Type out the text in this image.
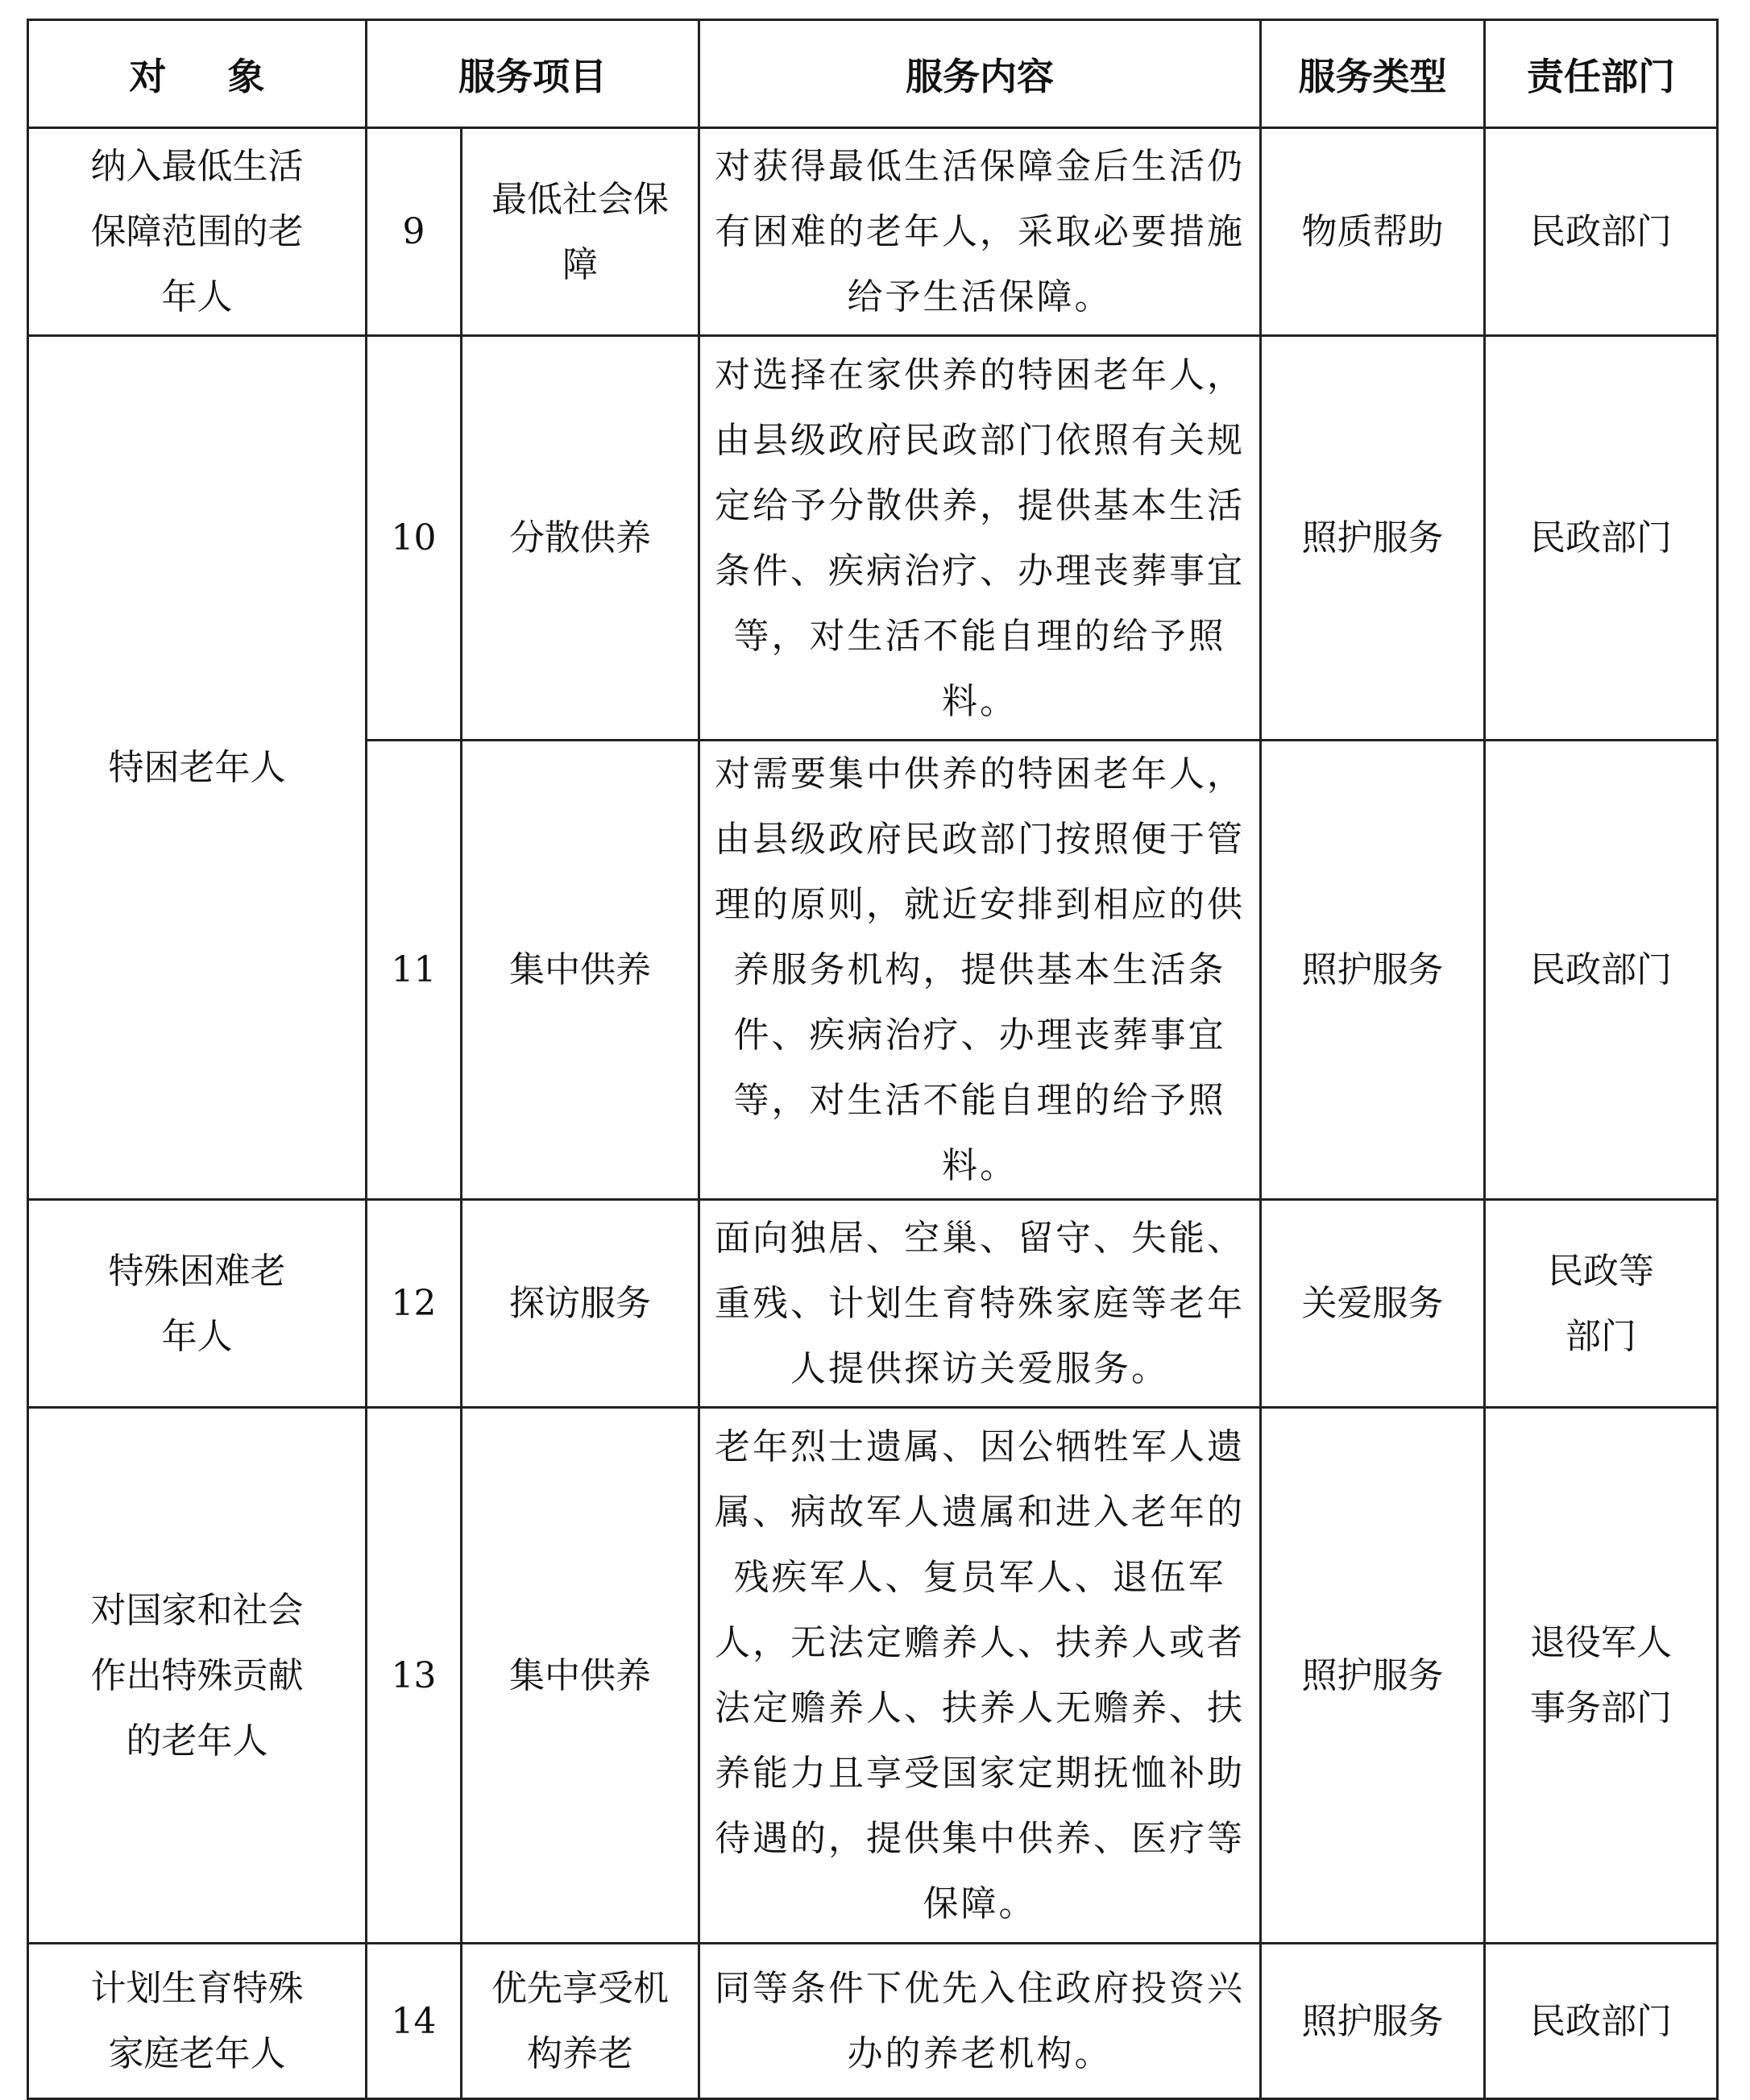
对 象	服务项目		服务内容	服务类型	责任部门
纳入最低生活保障范围的老年人	9	最低社会保障	对获得最低生活保障金后生活仍有困难的老年人，采取必要措施给予生活保障。	物质帮助	民政部门
特困老年人	10	分散供养	对选择在家供养的特困老年人，由县级政府民政部门依照有关规定给予分散供养，提供基本生活条件、疾病治疗、办理丧葬事宜等，对生活不能自理的给予照料。	照护服务	民政部门
	11	集中供养	对需要集中供养的特困老年人，由县级政府民政部门按照便于管理的原则，就近安排到相应的供养服务机构，提供基本生活条件、疾病治疗、办理丧葬事宜等，对生活不能自理的给予照料。	照护服务	民政部门
特殊困难老年人	12	探访服务	面向独居、空巢、留守、失能、重残、计划生育特殊家庭等老年人提供探访关爱服务。	关爱服务	民政等部门
对国家和社会作出特殊贡献的老年人	13	集中供养	老年烈士遗属、因公牺牲军人遗属、病故军人遗属和进入老年的残疾军人、复员军人、退伍军人，无法定赡养人、扶养人或者法定赡养人、扶养人无赡养、扶养能力且享受国家定期抚恤补助待遇的，提供集中供养、医疗等保障。	照护服务	退役军人事务部门
计划生育特殊家庭老年人	14	优先享受机构养老	同等条件下优先入住政府投资兴办的养老机构。	照护服务	民政部门
